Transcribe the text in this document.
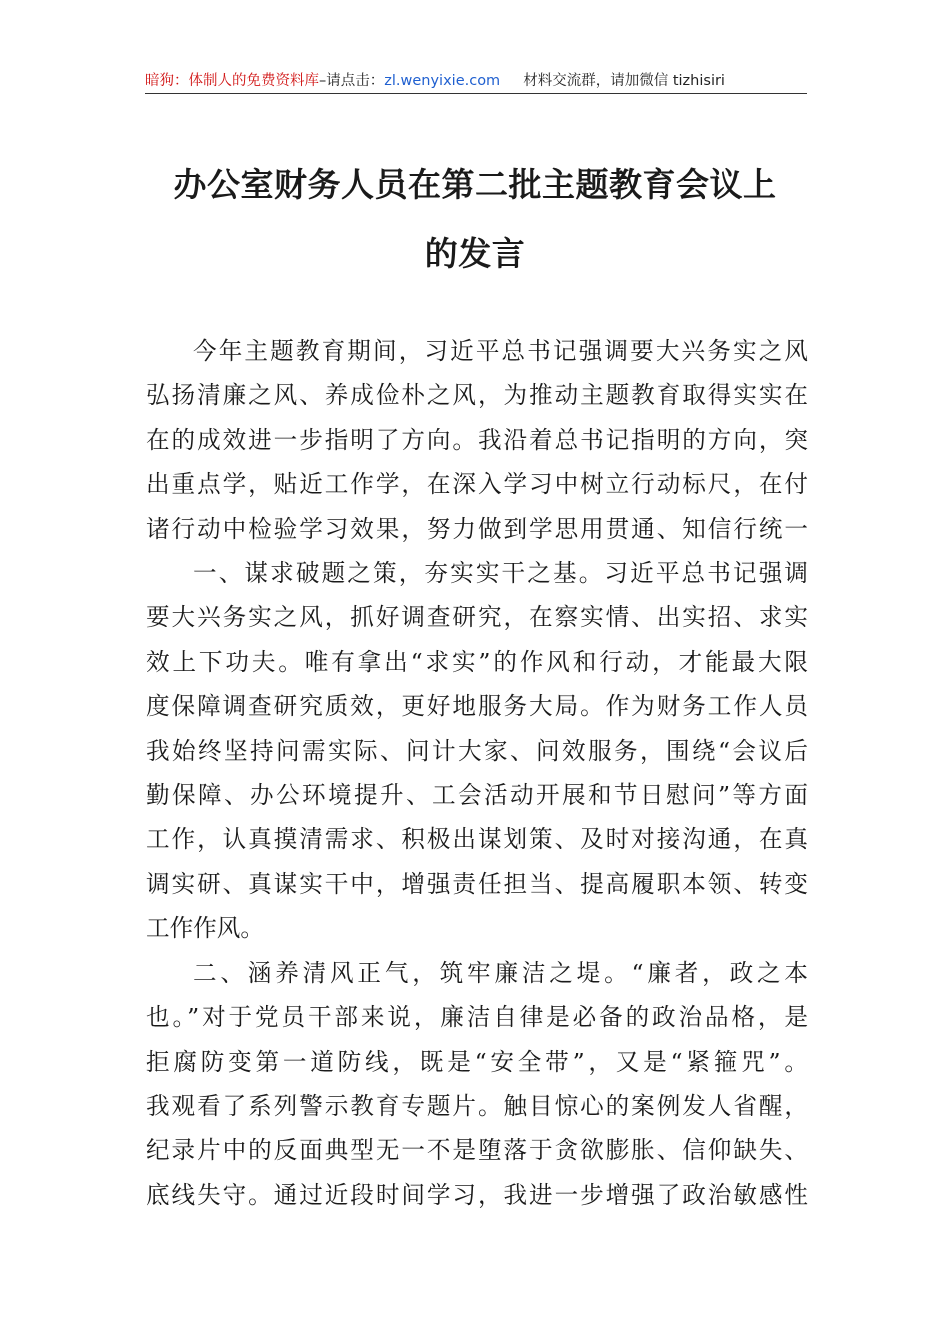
暗狗：体制人的免费资料库–请点击：zl.wenyixie.com 材料交流群，请加微信 tizhisiri
办公室财务人员在第二批主题教育会议上
的发言
今年主题教育期间，习近平总书记强调要大兴务实之风
弘扬清廉之风、养成俭朴之风，为推动主题教育取得实实在
在的成效进一步指明了方向。我沿着总书记指明的方向，突
出重点学，贴近工作学，在深入学习中树立行动标尺，在付
诸行动中检验学习效果，努力做到学思用贯通、知信行统一
一、谋求破题之策，夯实实干之基。习近平总书记强调
要大兴务实之风，抓好调查研究，在察实情、出实招、求实
效上下功夫。唯有拿出“求实”的作风和行动，才能最大限
度保障调查研究质效，更好地服务大局。作为财务工作人员
我始终坚持问需实际、问计大家、问效服务，围绕“会议后
勤保障、办公环境提升、工会活动开展和节日慰问”等方面
工作，认真摸清需求、积极出谋划策、及时对接沟通，在真
调实研、真谋实干中，增强责任担当、提高履职本领、转变
工作作风。
二、涵养清风正气，筑牢廉洁之堤。“廉者，政之本
也。”对于党员干部来说，廉洁自律是必备的政治品格，是
拒腐防变第一道防线，既是“安全带”，又是“紧箍咒”。
我观看了系列警示教育专题片。触目惊心的案例发人省醒，
纪录片中的反面典型无一不是堕落于贪欲膨胀、信仰缺失、
底线失守。通过近段时间学习，我进一步增强了政治敏感性
